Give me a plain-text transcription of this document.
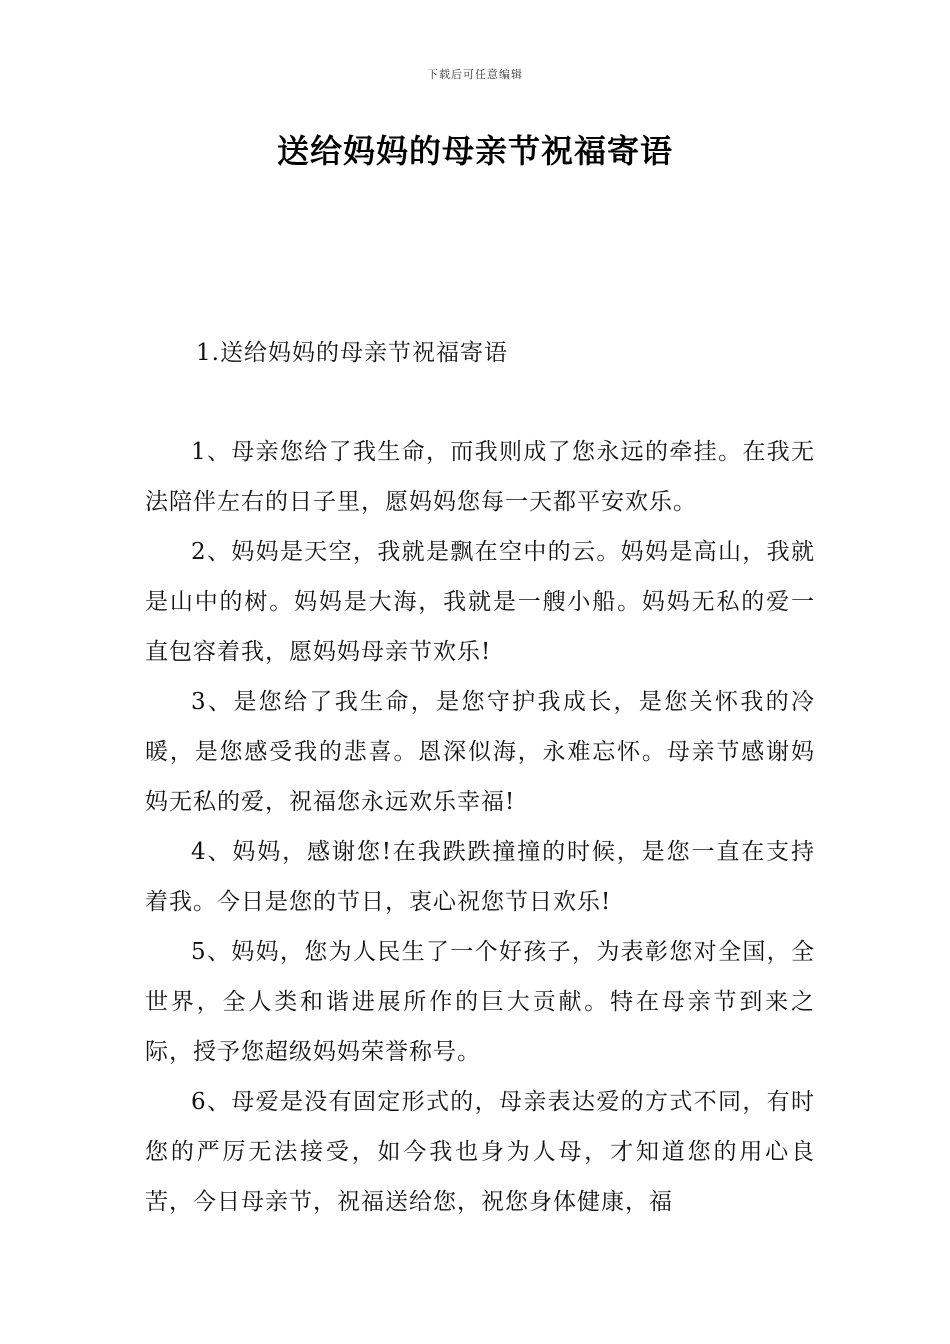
下载后可任意编辑
送给妈妈的母亲节祝福寄语
1.送给妈妈的母亲节祝福寄语

1、母亲您给了我生命，而我则成了您永远的牵挂。在我无法陪伴左右的日子里，愿妈妈您每一天都平安欢乐。

2、妈妈是天空，我就是飘在空中的云。妈妈是高山，我就是山中的树。妈妈是大海，我就是一艘小船。妈妈无私的爱一直包容着我，愿妈妈母亲节欢乐!

3、是您给了我生命，是您守护我成长，是您关怀我的冷暖，是您感受我的悲喜。恩深似海，永难忘怀。母亲节感谢妈妈无私的爱，祝福您永远欢乐幸福!

4、妈妈，感谢您!在我跌跌撞撞的时候，是您一直在支持着我。今日是您的节日，衷心祝您节日欢乐!

5、妈妈，您为人民生了一个好孩子，为表彰您对全国，全世界，全人类和谐进展所作的巨大贡献。特在母亲节到来之际，授予您超级妈妈荣誉称号。

6、母爱是没有固定形式的，母亲表达爱的方式不同，有时您的严厉无法接受，如今我也身为人母，才知道您的用心良苦，今日母亲节，祝福送给您，祝您身体健康，福
